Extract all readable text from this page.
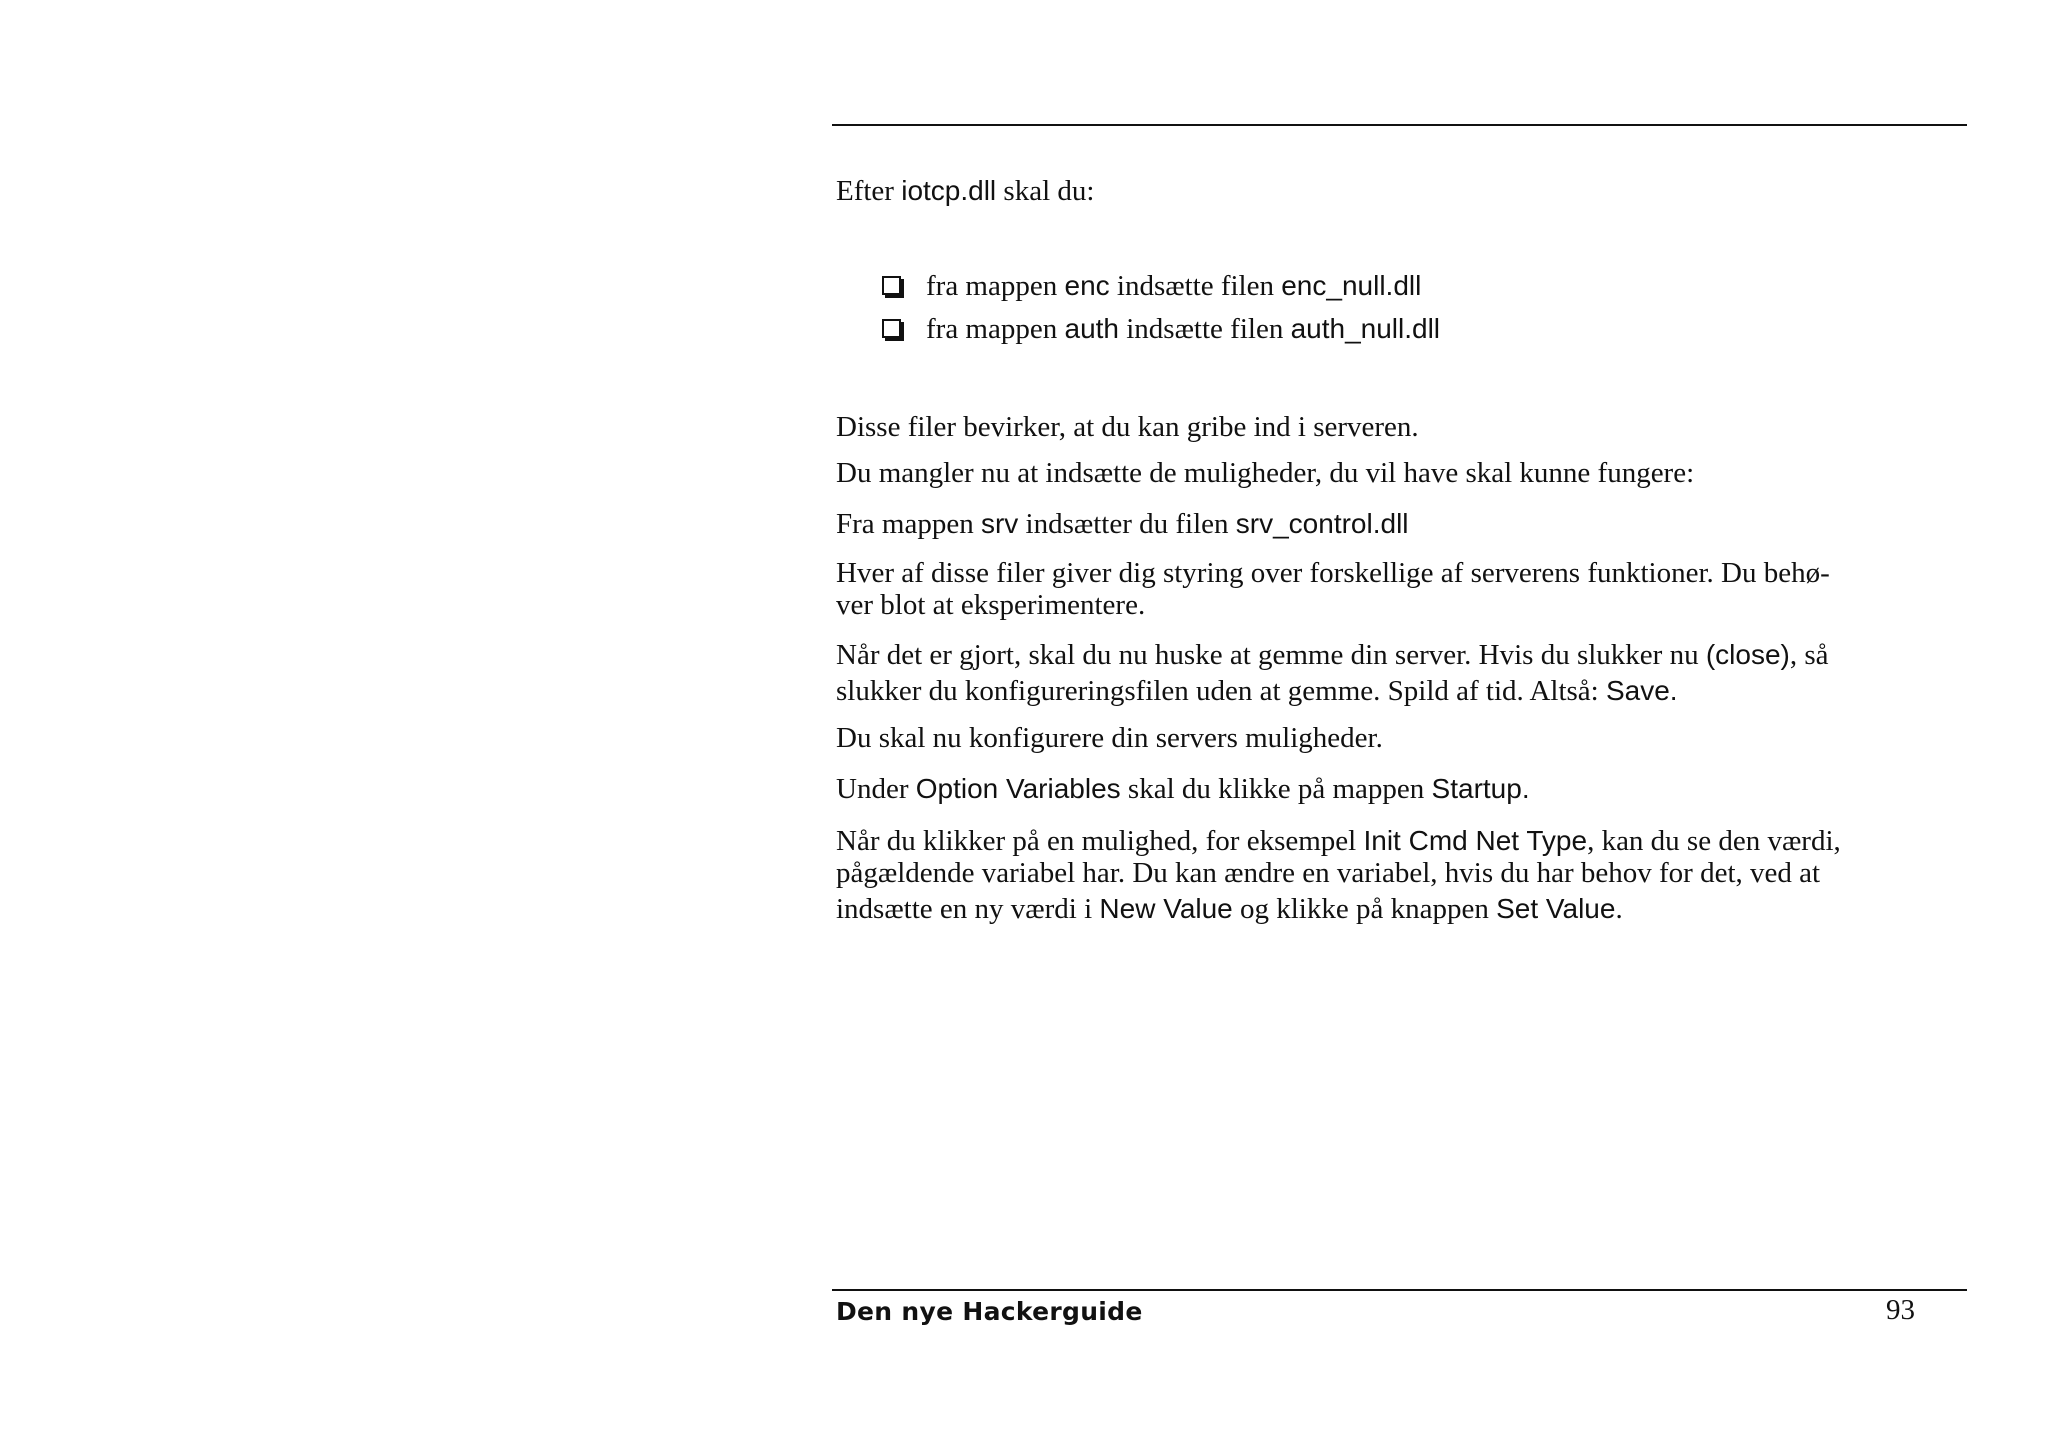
Efter iotcp.dll skal du:

fra mappen enc indsætte filen enc_null.dll
fra mappen auth indsætte filen auth_null.dll

Disse filer bevirker, at du kan gribe ind i serveren.

Du mangler nu at indsætte de muligheder, du vil have skal kunne fungere:

Fra mappen srv indsætter du filen srv_control.dll

Hver af disse filer giver dig styring over forskellige af serverens funktioner. Du behø-

ver blot at eksperimentere.

Når det er gjort, skal du nu huske at gemme din server. Hvis du slukker nu (close), så

slukker du konfigureringsfilen uden at gemme. Spild af tid. Altså: Save.

Du skal nu konfigurere din servers muligheder.

Under Option Variables skal du klikke på mappen Startup.

Når du klikker på en mulighed, for eksempel Init Cmd Net Type, kan du se den værdi,

pågældende variabel har. Du kan ændre en variabel, hvis du har behov for det, ved at

indsætte en ny værdi i New Value og klikke på knappen Set Value.

Den nye Hackerguide	93
